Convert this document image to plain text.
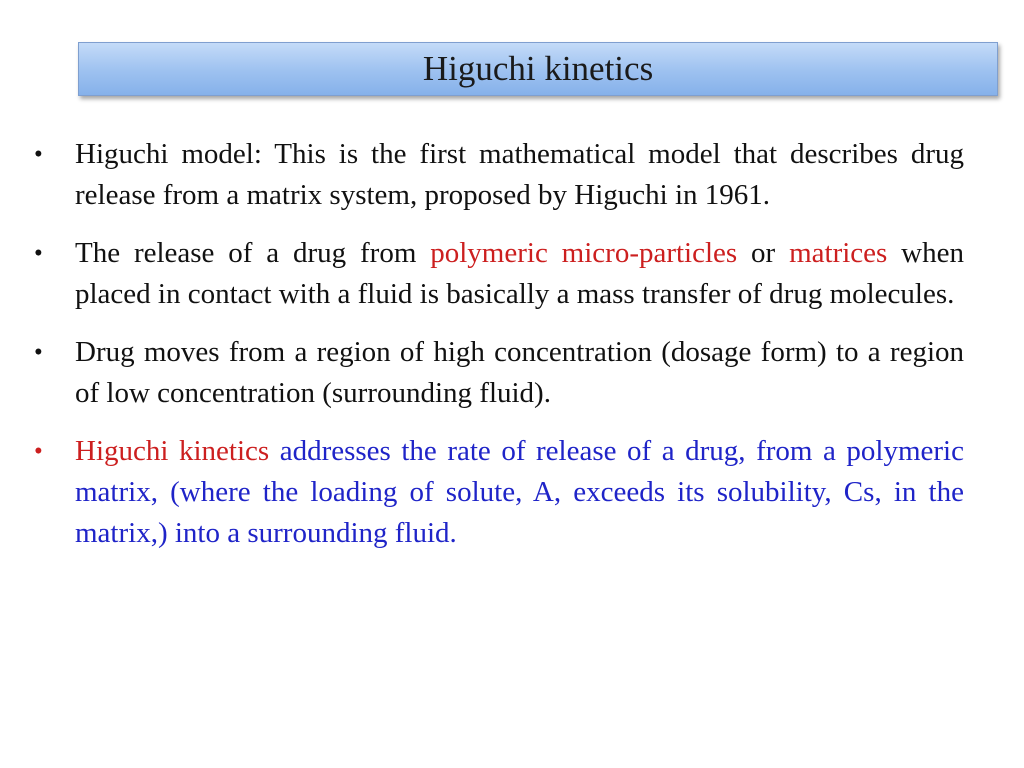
Higuchi kinetics
•	Higuchi model: This is the first mathematical model that describes drug release from a matrix system, proposed by Higuchi in 1961.
•	The release of a drug from polymeric micro-particles or matrices when placed in contact with a fluid is basically a mass transfer of drug molecules.
•	Drug moves from a region of high concentration (dosage form) to a region of low concentration (surrounding fluid).
•	Higuchi kinetics addresses the rate of release of a drug, from a polymeric matrix, (where the loading of solute, A, exceeds its solubility, Cs, in the matrix,) into a surrounding fluid.
